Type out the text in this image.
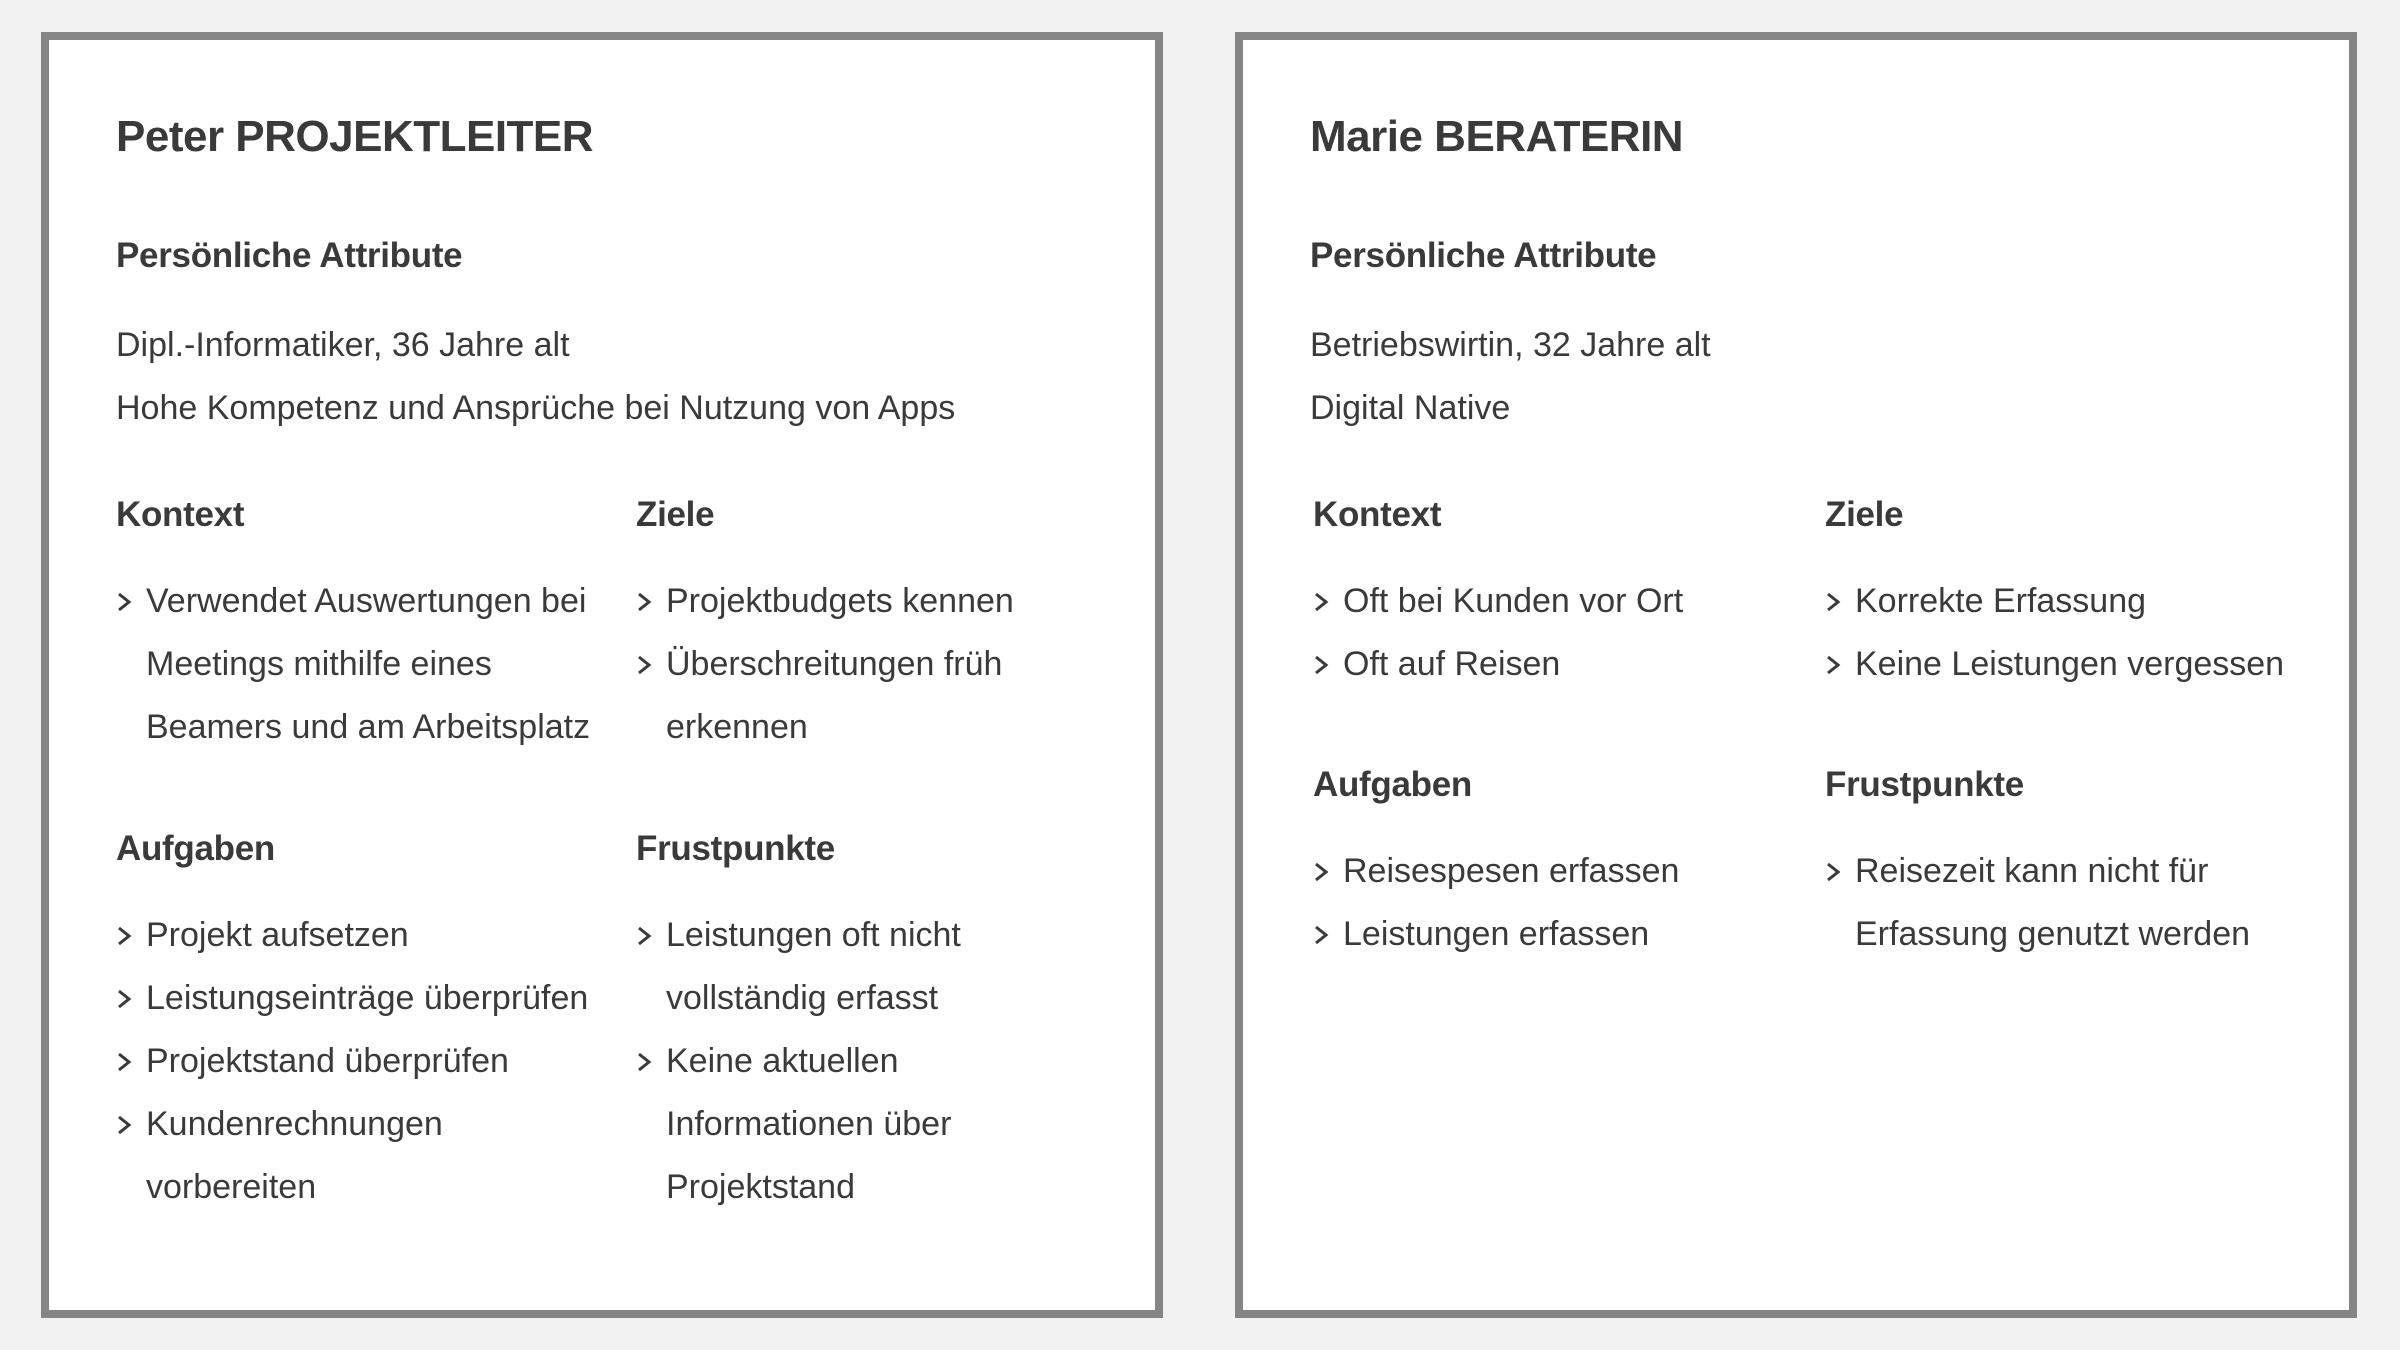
Peter PROJEKTLEITER
Persönliche Attribute
Dipl.-Informatiker, 36 Jahre alt
Hohe Kompetenz und Ansprüche bei Nutzung von Apps
Kontext
Verwendet Auswertungen bei
Meetings mithilfe eines
Beamers und am Arbeitsplatz
Ziele
Projektbudgets kennen
Überschreitungen früh
erkennen
Aufgaben
Projekt aufsetzen
Leistungseinträge überprüfen
Projektstand überprüfen
Kundenrechnungen
vorbereiten
Frustpunkte
Leistungen oft nicht
vollständig erfasst
Keine aktuellen
Informationen über
Projektstand
Marie BERATERIN
Persönliche Attribute
Betriebswirtin, 32 Jahre alt
Digital Native
Kontext
Oft bei Kunden vor Ort
Oft auf Reisen
Ziele
Korrekte Erfassung
Keine Leistungen vergessen
Aufgaben
Reisespesen erfassen
Leistungen erfassen
Frustpunkte
Reisezeit kann nicht für
Erfassung genutzt werden
